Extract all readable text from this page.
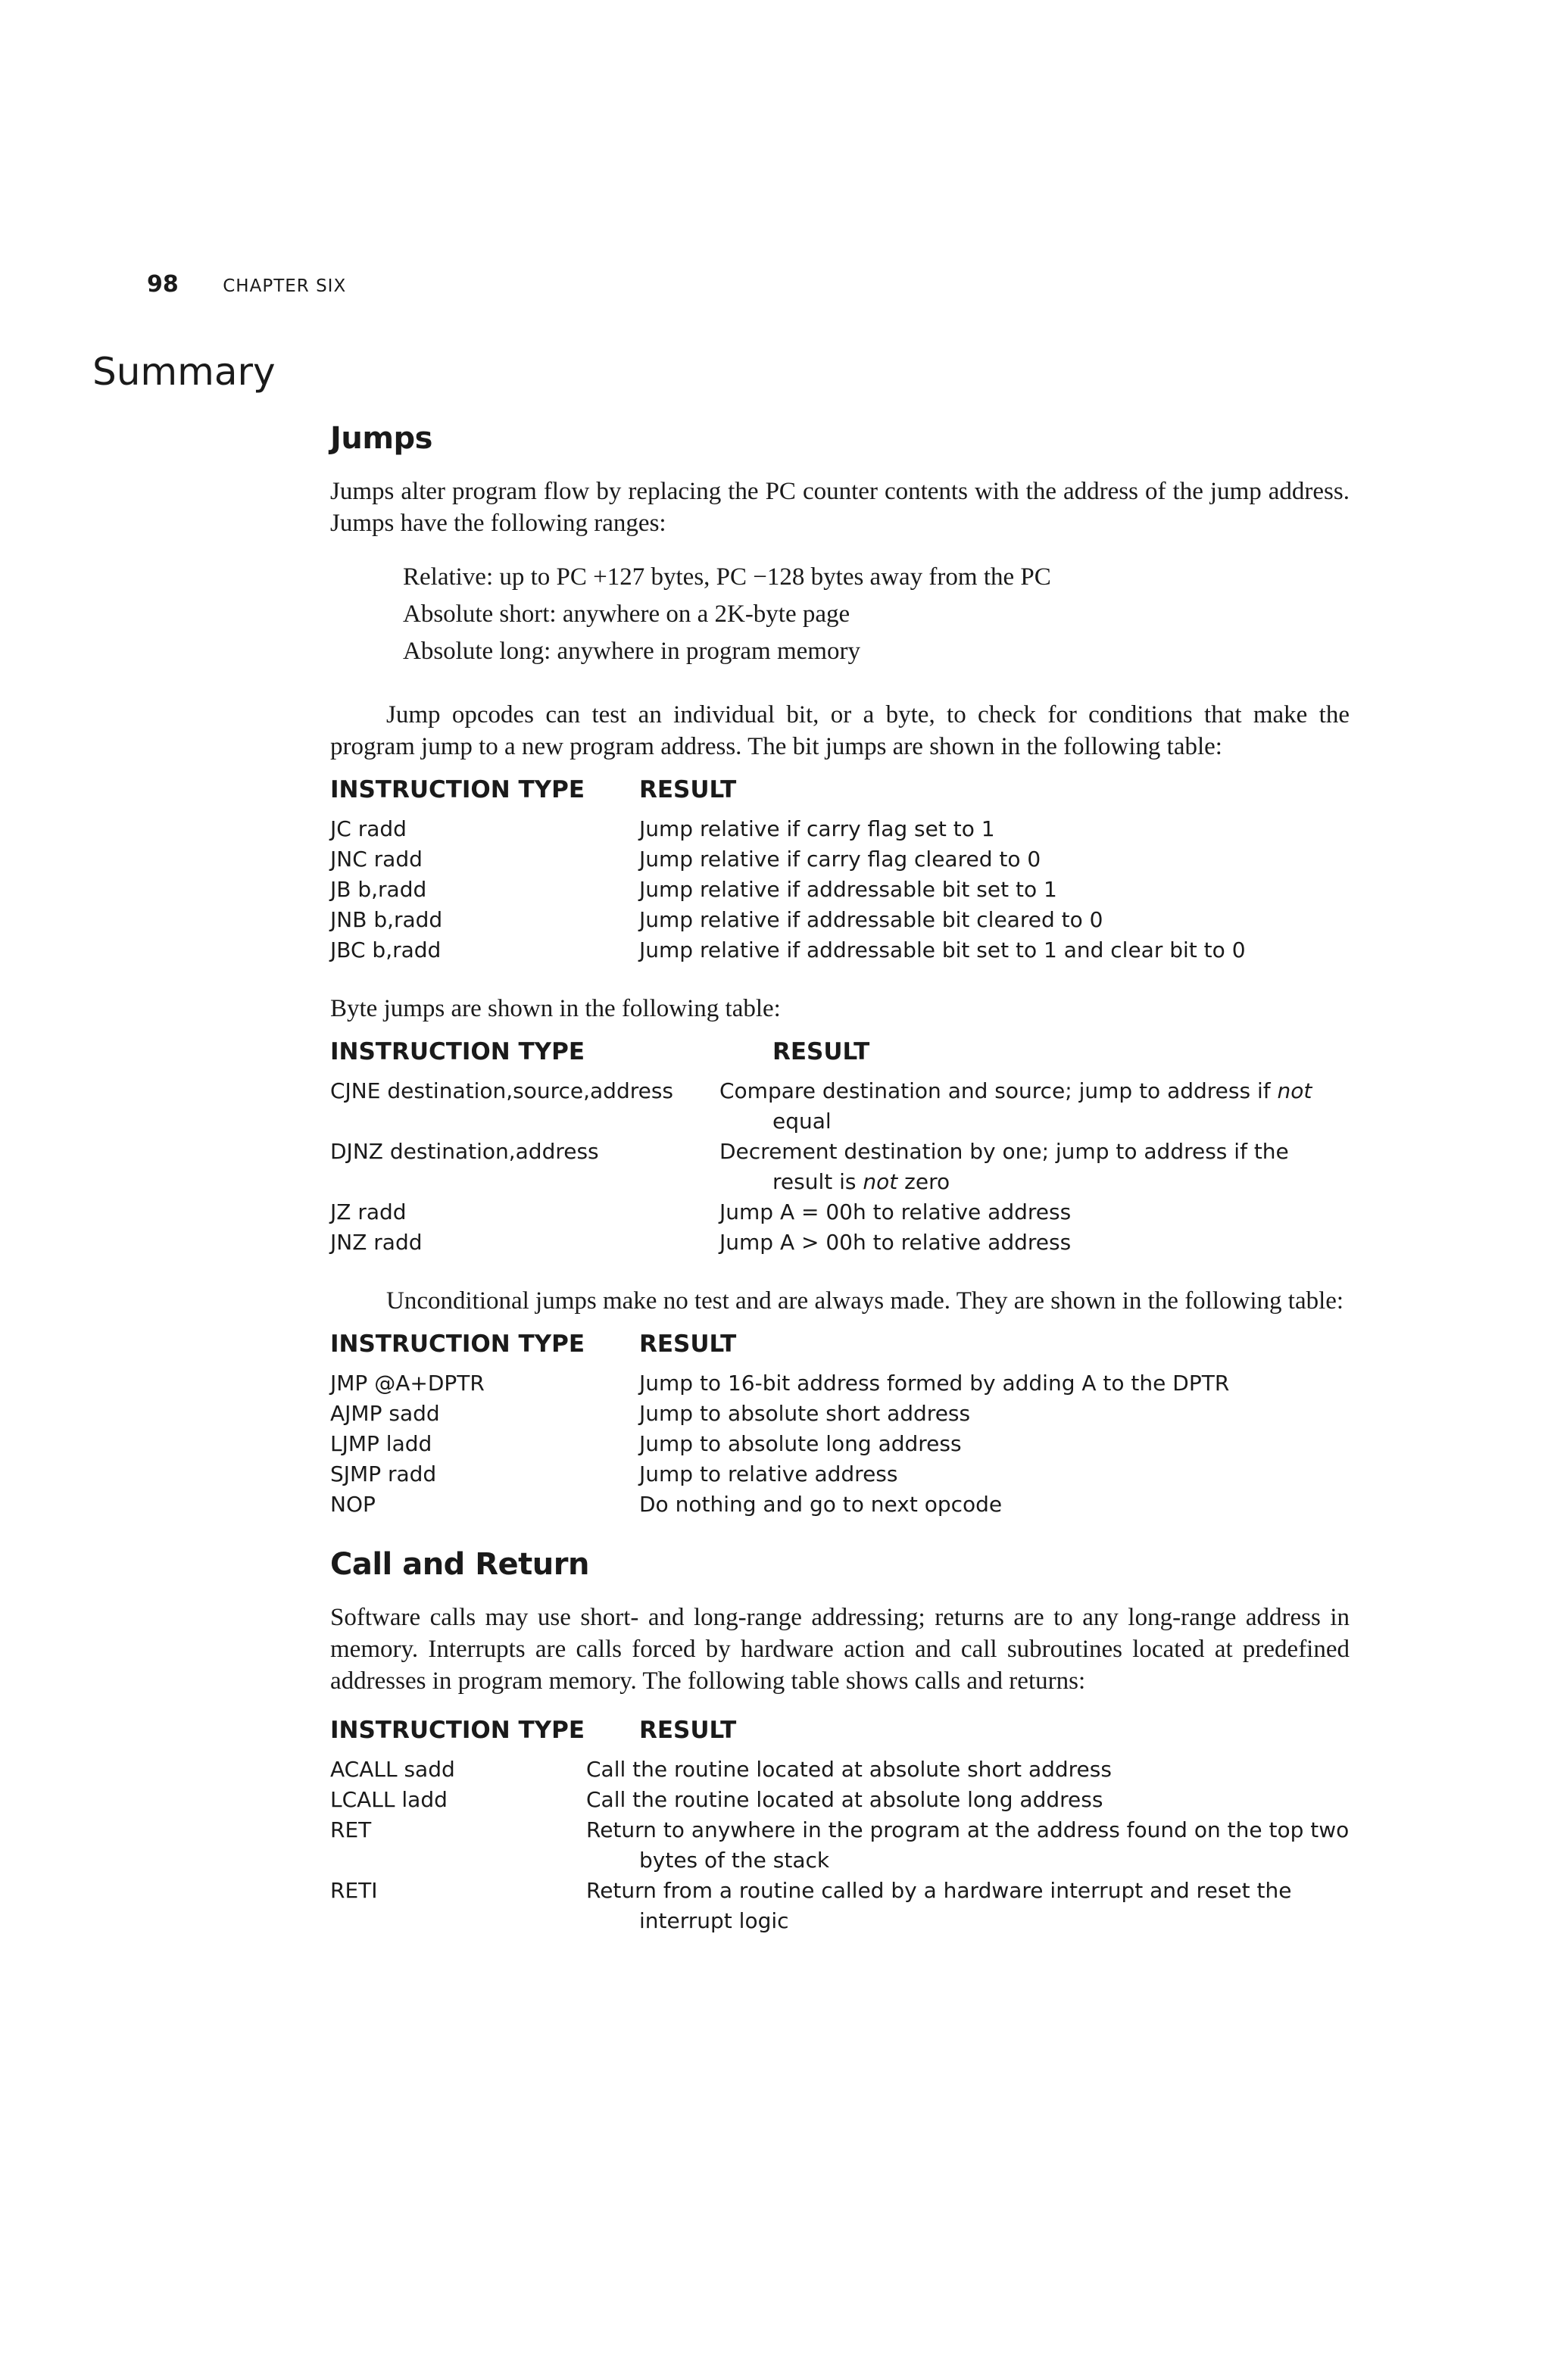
98	CHAPTER SIX
Summary
Jumps

Jumps alter program flow by replacing the PC counter contents with the address of the jump address. Jumps have the following ranges:

Relative: up to PC +127 bytes, PC −128 bytes away from the PC
Absolute short: anywhere on a 2K-byte page
Absolute long: anywhere in program memory

Jump opcodes can test an individual bit, or a byte, to check for conditions that make the program jump to a new program address. The bit jumps are shown in the following table:

INSTRUCTION TYPE	RESULT
JC radd	Jump relative if carry flag set to 1
JNC radd	Jump relative if carry flag cleared to 0
JB b,radd	Jump relative if addressable bit set to 1
JNB b,radd	Jump relative if addressable bit cleared to 0
JBC b,radd	Jump relative if addressable bit set to 1 and clear bit to 0

Byte jumps are shown in the following table:

INSTRUCTION TYPE	RESULT
CJNE destination,source,address	Compare destination and source; jump to address if not equal
DJNZ destination,address	Decrement destination by one; jump to address if the result is not zero
JZ radd	Jump A = 00h to relative address
JNZ radd	Jump A > 00h to relative address

Unconditional jumps make no test and are always made. They are shown in the following table:

INSTRUCTION TYPE	RESULT
JMP @A+DPTR	Jump to 16-bit address formed by adding A to the DPTR
AJMP sadd	Jump to absolute short address
LJMP ladd	Jump to absolute long address
SJMP radd	Jump to relative address
NOP	Do nothing and go to next opcode
Call and Return

Software calls may use short- and long-range addressing; returns are to any long-range address in memory. Interrupts are calls forced by hardware action and call subroutines located at predefined addresses in program memory. The following table shows calls and returns:

INSTRUCTION TYPE	RESULT
ACALL sadd	Call the routine located at absolute short address
LCALL ladd	Call the routine located at absolute long address
RET	Return to anywhere in the program at the address found on the top two bytes of the stack
RETI	Return from a routine called by a hardware interrupt and reset the interrupt logic
